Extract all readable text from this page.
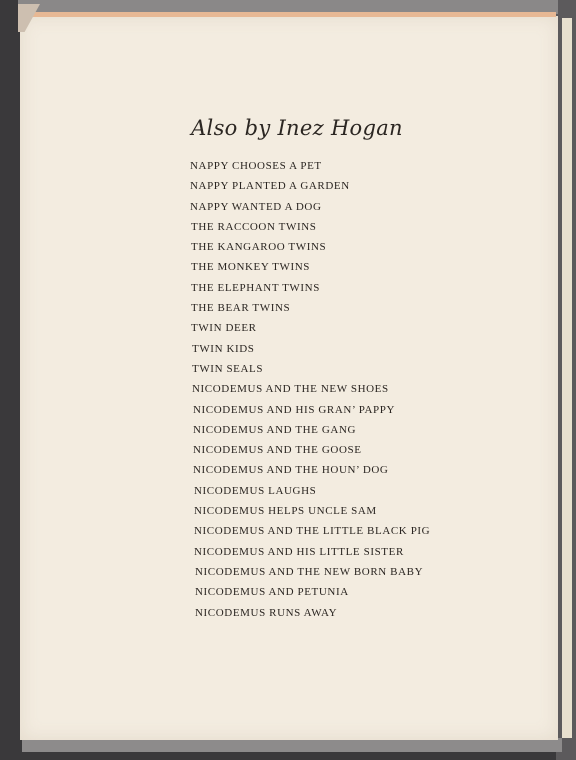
Also by Inez Hogan
NAPPY CHOOSES A PET
NAPPY PLANTED A GARDEN
NAPPY WANTED A DOG
THE RACCOON TWINS
THE KANGAROO TWINS
THE MONKEY TWINS
THE ELEPHANT TWINS
THE BEAR TWINS
TWIN DEER
TWIN KIDS
TWIN SEALS
NICODEMUS AND THE NEW SHOES
NICODEMUS AND HIS GRAN’ PAPPY
NICODEMUS AND THE GANG
NICODEMUS AND THE GOOSE
NICODEMUS AND THE HOUN’ DOG
NICODEMUS LAUGHS
NICODEMUS HELPS UNCLE SAM
NICODEMUS AND THE LITTLE BLACK PIG
NICODEMUS AND HIS LITTLE SISTER
NICODEMUS AND THE NEW BORN BABY
NICODEMUS AND PETUNIA
NICODEMUS RUNS AWAY
